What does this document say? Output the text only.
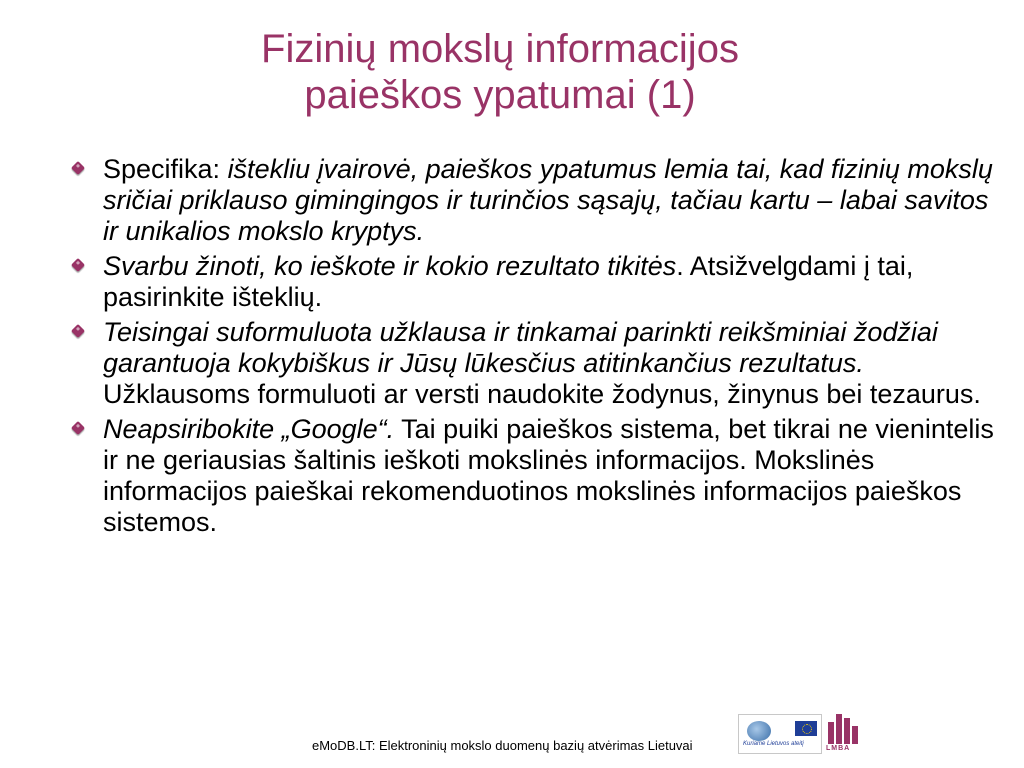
Fizinių mokslų informacijos
paieškos ypatumai (1)
Specifika: ištekliu įvairovė, paieškos ypatumus lemia tai, kad fizinių mokslų sričiai priklauso gimingingos ir turinčios sąsajų, tačiau kartu – labai savitos ir unikalios mokslo kryptys.
Svarbu žinoti, ko ieškote ir kokio rezultato tikitės. Atsižvelgdami į tai, pasirinkite išteklių.
Teisingai suformuluota užklausa ir tinkamai parinkti reikšminiai žodžiai garantuoja kokybiškus ir Jūsų lūkesčius atitinkančius rezultatus. Užklausoms formuluoti ar versti naudokite žodynus, žinynus bei tezaurus.
Neapsiribokite „Google“. Tai puiki paieškos sistema, bet tikrai ne vienintelis ir ne geriausias šaltinis ieškoti mokslinės informacijos. Mokslinės informacijos paieškai rekomenduotinos mokslinės informacijos paieškos sistemos.
eMoDB.LT: Elektroninių mokslo duomenų bazių atvėrimas Lietuvai	Kuriame Lietuvos ateitį
LMBA
